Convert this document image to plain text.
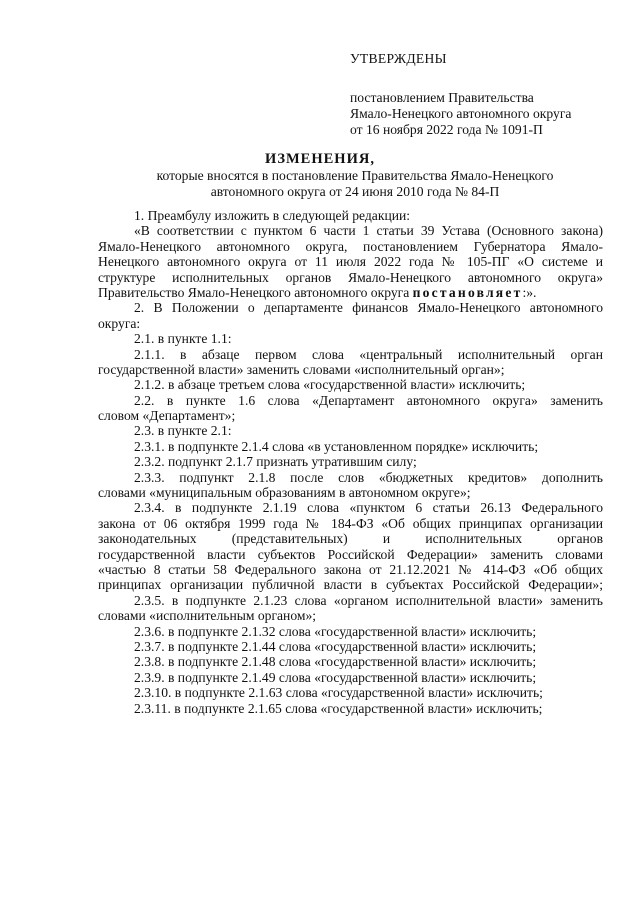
УТВЕРЖДЕНЫ
постановлением Правительства
Ямало-Ненецкого автономного округа
от 16 ноября 2022 года № 1091-П
ИЗМЕНЕНИЯ,
которые вносятся в постановление Правительства Ямало-Ненецкого
автономного округа от 24 июня 2010 года № 84-П
1. Преамбулу изложить в следующей редакции:
«В соответствии с пунктом 6 части 1 статьи 39 Устава (Основного закона)
Ямало-Ненецкого автономного округа, постановлением Губернатора Ямало-
Ненецкого автономного округа от 11 июля 2022 года № 105-ПГ «О системе и
структуре исполнительных органов Ямало-Ненецкого автономного округа»
Правительство Ямало-Ненецкого автономного округа постановляет:».
2. В Положении о департаменте финансов Ямало-Ненецкого автономного
округа:
2.1. в пункте 1.1:
2.1.1. в абзаце первом слова «центральный исполнительный орган
государственной власти» заменить словами «исполнительный орган»;
2.1.2. в абзаце третьем слова «государственной власти» исключить;
2.2. в пункте 1.6 слова «Департамент автономного округа» заменить
словом «Департамент»;
2.3. в пункте 2.1:
2.3.1. в подпункте 2.1.4 слова «в установленном порядке» исключить;
2.3.2. подпункт 2.1.7 признать утратившим силу;
2.3.3. подпункт 2.1.8 после слов «бюджетных кредитов» дополнить
словами «муниципальным образованиям в автономном округе»;
2.3.4. в подпункте 2.1.19 слова «пунктом 6 статьи 26.13 Федерального
закона от 06 октября 1999 года № 184-ФЗ «Об общих принципах организации
законодательных (представительных) и исполнительных органов
государственной власти субъектов Российской Федерации» заменить словами
«частью 8 статьи 58 Федерального закона от 21.12.2021 № 414-ФЗ «Об общих
принципах организации публичной власти в субъектах Российской Федерации»;
2.3.5. в подпункте 2.1.23 слова «органом исполнительной власти» заменить
словами «исполнительным органом»;
2.3.6. в подпункте 2.1.32 слова «государственной власти» исключить;
2.3.7. в подпункте 2.1.44 слова «государственной власти» исключить;
2.3.8. в подпункте 2.1.48 слова «государственной власти» исключить;
2.3.9. в подпункте 2.1.49 слова «государственной власти» исключить;
2.3.10. в подпункте 2.1.63 слова «государственной власти» исключить;
2.3.11. в подпункте 2.1.65 слова «государственной власти» исключить;
